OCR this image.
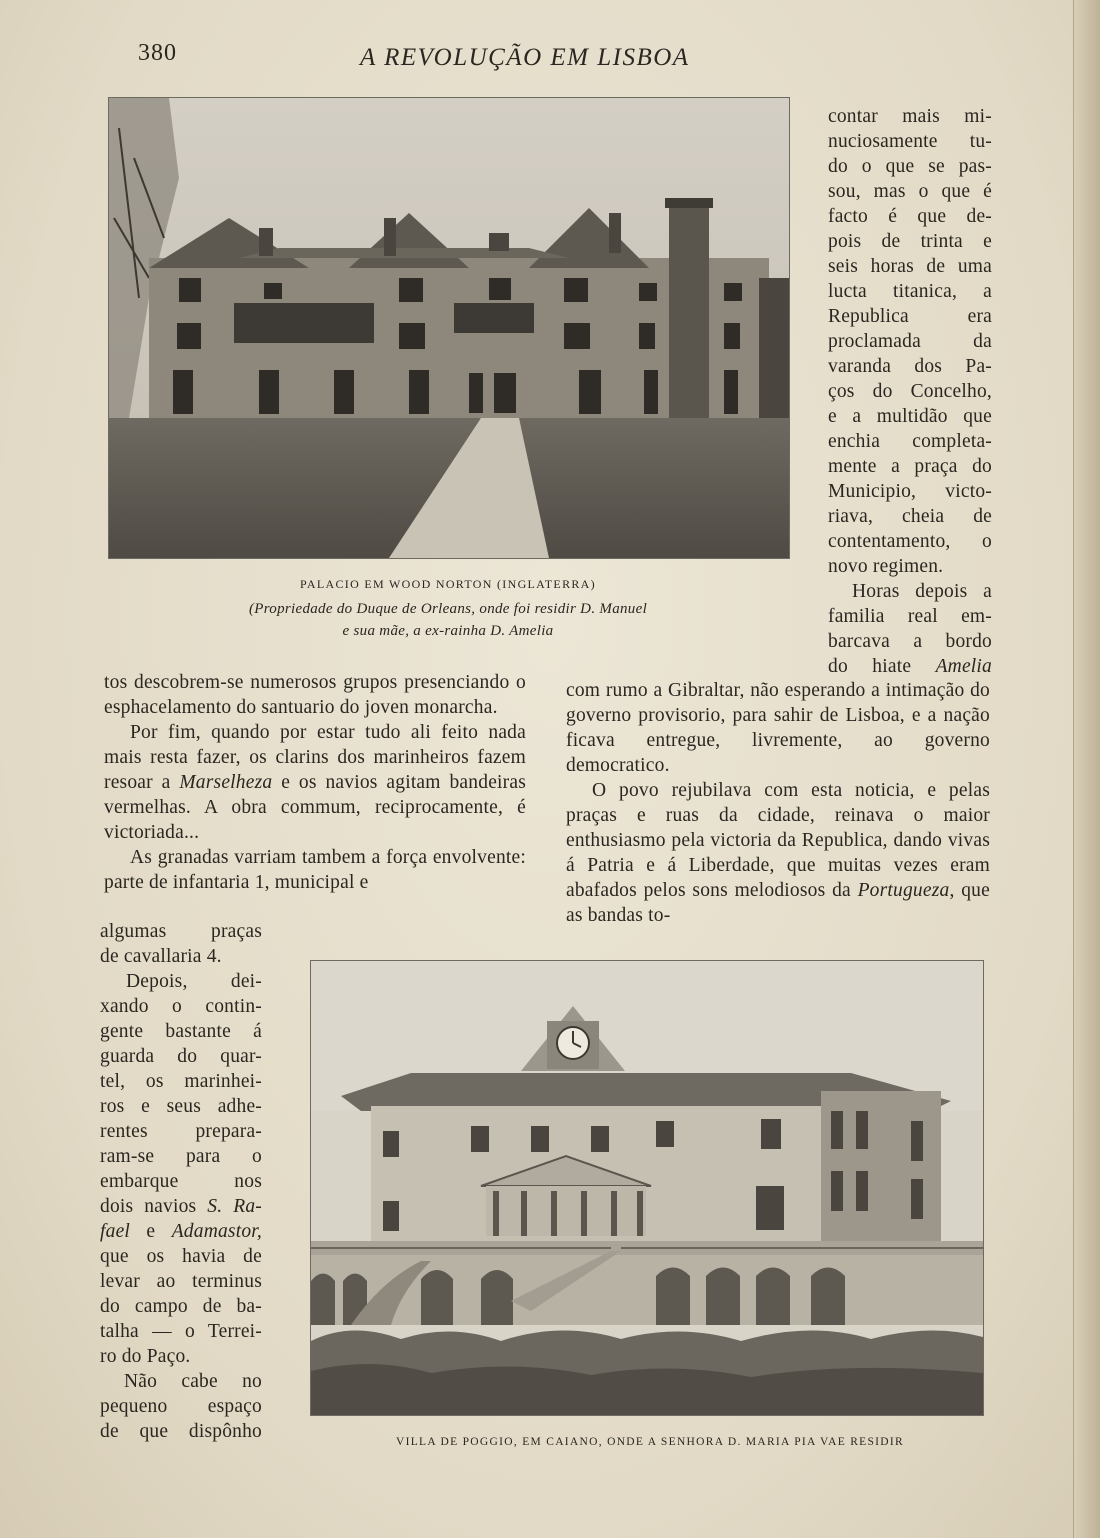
380	A REVOLUÇÃO EM LISBOA
PALACIO EM WOOD NORTON (INGLATERRA)
(Propriedade do Duque de Orleans, onde foi residir D. Manuel
e sua mãe, a ex-rainha D. Amelia

contar mais mi-

nuciosamente tu-

do o que se pas-

sou, mas o que é

facto é que de-

pois de trinta e

seis horas de uma

lucta titanica, a

Republica era

proclamada da

varanda dos Pa-

ços do Concelho,

e a multidão que

enchia completa-

mente a praça do

Municipio, victo-

riava, cheia de

contentamento, o

novo regimen.

Horas depois a

familia real em-

barcava a bordo

do hiate Amelia

tos descobrem-se numerosos grupos presenciando o esphacelamento do santuario do joven monarcha.

Por fim, quando por estar tudo ali feito nada mais resta fazer, os clarins dos marinheiros fazem resoar a Marselheza e os navios agitam bandeiras vermelhas. A obra commum, reciprocamente, é victoriada...

As granadas varriam tambem a força envolvente: parte de infantaria 1, municipal e

com rumo a Gibraltar, não esperando a intimação do governo provisorio, para sahir de Lisboa, e a nação ficava entregue, livremente, ao governo democratico.

O povo rejubilava com esta noticia, e pelas praças e ruas da cidade, reinava o maior enthusiasmo pela victoria da Republica, dando vivas á Patria e á Liberdade, que muitas vezes eram abafados pelos sons melodiosos da Portugueza, que as bandas to-

algumas praças

de cavallaria 4.

Depois, dei-

xando o contin-

gente bastante á

guarda do quar-

tel, os marinhei-

ros e seus adhe-

rentes prepara-

ram-se para o

embarque nos

dois navios S. Ra-

fael e Adamastor,

que os havia de

levar ao terminus

do campo de ba-

talha — o Terrei-

ro do Paço.

Não cabe no

pequeno espaço

de que dispônho	VILLA DE POGGIO, EM CAIANO, ONDE A SENHORA D. MARIA PIA VAE RESIDIR
